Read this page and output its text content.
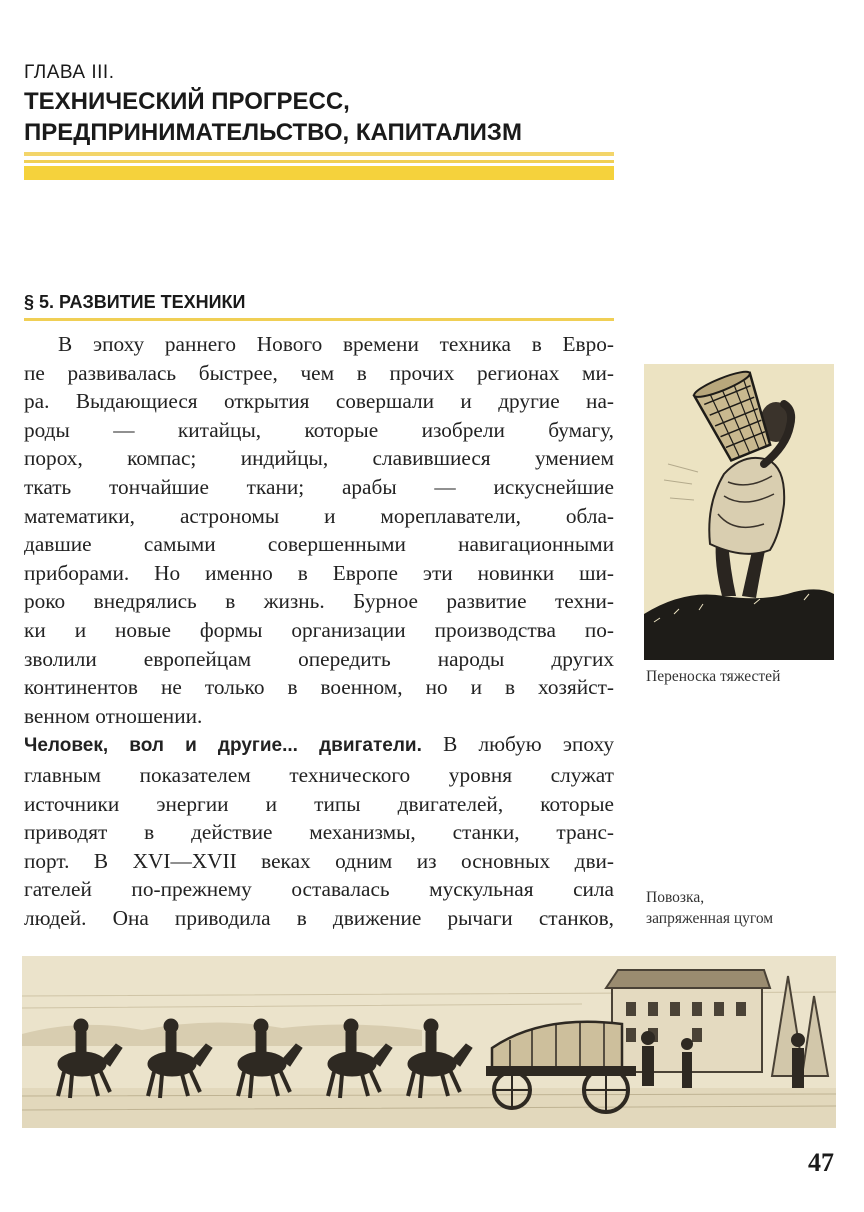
ГЛАВА III.
ТЕХНИЧЕСКИЙ ПРОГРЕСС,
ПРЕДПРИНИМАТЕЛЬСТВО, КАПИТАЛИЗМ
§ 5. РАЗВИТИЕ ТЕХНИКИ
В эпоху раннего Нового времени техника в Евро-
пе развивалась быстрее, чем в прочих регионах ми-
ра. Выдающиеся открытия совершали и другие на-
роды — китайцы, которые изобрели бумагу,
порох, компас; индийцы, славившиеся умением
ткать тончайшие ткани; арабы — искуснейшие
математики, астрономы и мореплаватели, обла-
давшие самыми совершенными навигационными
приборами. Но именно в Европе эти новинки ши-
роко внедрялись в жизнь. Бурное развитие техни-
ки и новые формы организации производства по-
зволили европейцам опередить народы других
континентов не только в военном, но и в хозяйст-
венном отношении.
Человек, вол и другие... двигатели. В любую эпоху
главным показателем технического уровня служат
источники энергии и типы двигателей, которые
приводят в действие механизмы, станки, транс-
порт. В XVI—XVII веках одним из основных дви-
гателей по-прежнему оставалась мускульная сила
людей. Она приводила в движение рычаги станков,
Переноска тяжестей
Повозка,
запряженная цугом
47
